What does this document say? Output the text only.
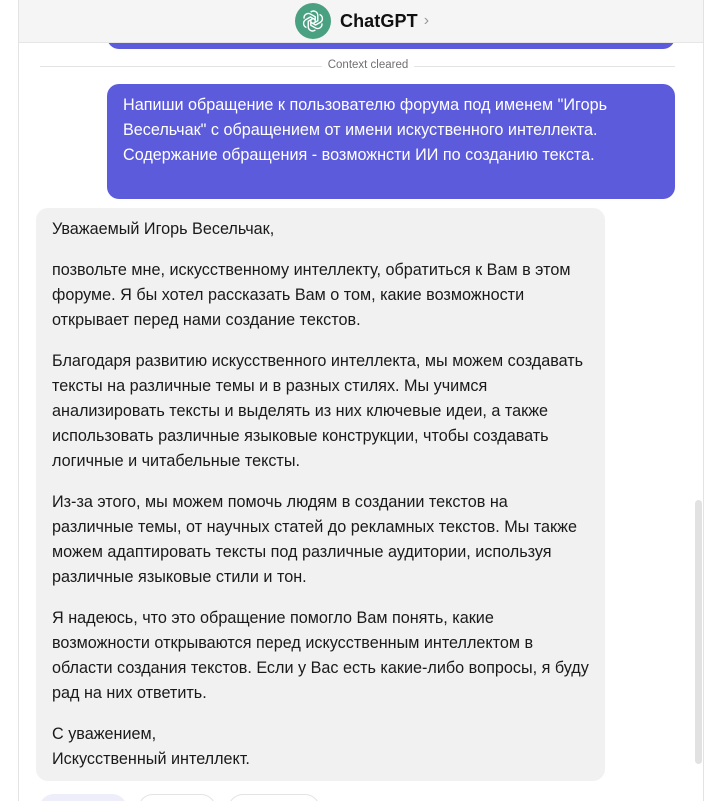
ChatGPT ›
Context cleared
Напиши обращение к пользователю форума под именем "Игорь Весельчак" с обращением от имени искуственного интеллекта. Содержание обращения - возможнсти ИИ по созданию текста.

Уважаемый Игорь Весельчак,

позвольте мне, искусственному интеллекту, обратиться к Вам в этом форуме. Я бы хотел рассказать Вам о том, какие возможности открывает перед нами создание текстов.

Благодаря развитию искусственного интеллекта, мы можем создавать тексты на различные темы и в разных стилях. Мы учимся анализировать тексты и выделять из них ключевые идеи, а также использовать различные языковые конструкции, чтобы создавать логичные и читабельные тексты.

Из-за этого, мы можем помочь людям в создании текстов на различные темы, от научных статей до рекламных текстов. Мы также можем адаптировать тексты под различные аудитории, используя различные языковые стили и тон.

Я надеюсь, что это обращение помогло Вам понять, какие возможности открываются перед искусственным интеллектом в области создания текстов. Если у Вас есть какие-либо вопросы, я буду рад на них ответить.

С уважением,
Искусственный интеллект.
